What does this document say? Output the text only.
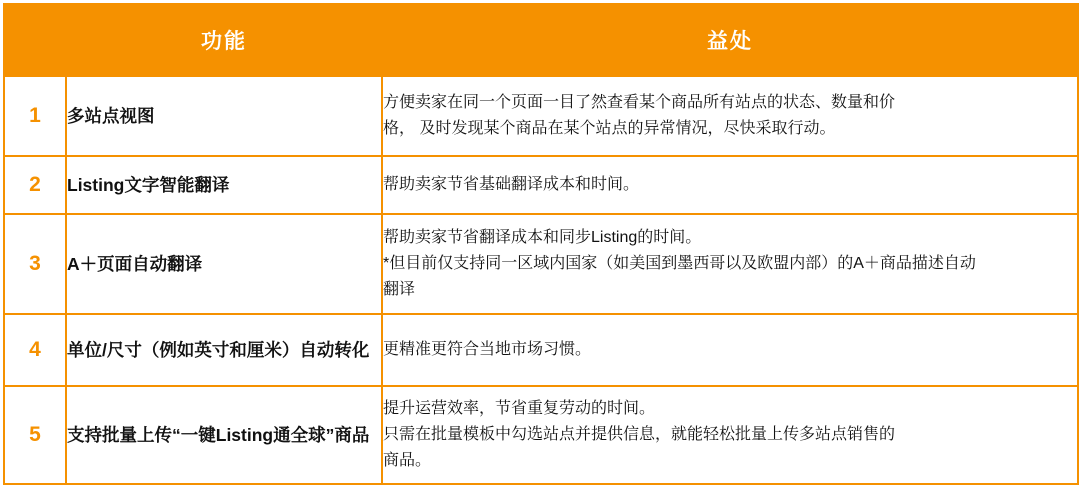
	功能	益处
1	多站点视图	方便卖家在同一个页面一目了然查看某个商品所有站点的状态、数量和价
格， 及时发现某个商品在某个站点的异常情况，尽快采取行动。

2	Listing文字智能翻译	帮助卖家节省基础翻译成本和时间。

3	A＋页面自动翻译	帮助卖家节省翻译成本和同步Listing的时间。
*但目前仅支持同一区域内国家（如美国到墨西哥以及欧盟内部）的A＋商品描述自动
翻译

4	单位/尺寸（例如英寸和厘米）自动转化	更精准更符合当地市场习惯。

5	支持批量上传“一键Listing通全球”商品	提升运营效率，节省重复劳动的时间。
只需在批量模板中勾选站点并提供信息，就能轻松批量上传多站点销售的
商品。
